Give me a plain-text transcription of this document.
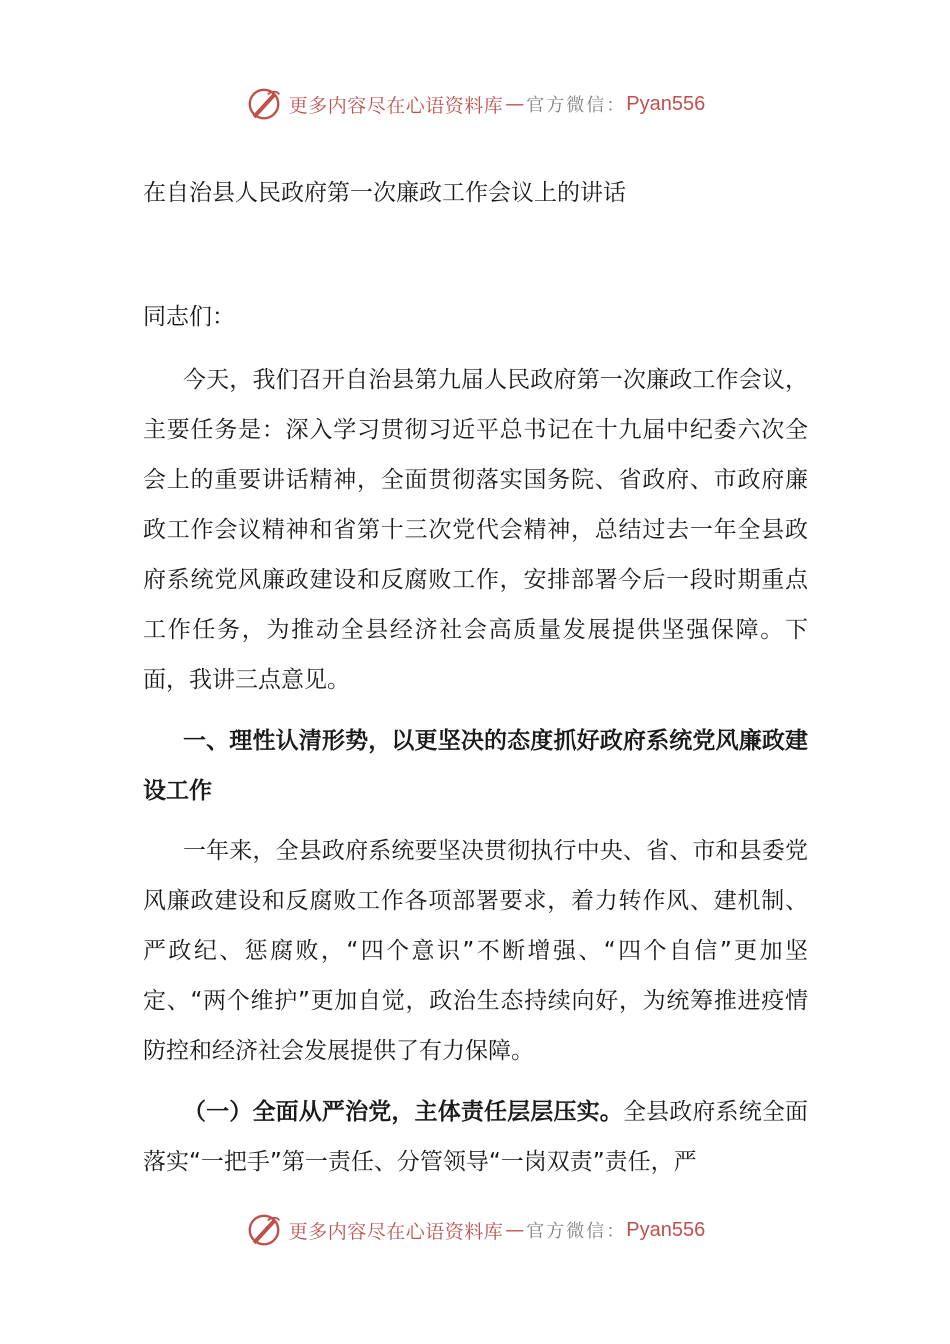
更多内容尽在心语资料库 — 官方微信： Pyan556
在自治县人民政府第一次廉政工作会议上的讲话
同志们：
今天，我们召开自治县第九届人民政府第一次廉政工作会议，主要任务是：深入学习贯彻习近平总书记在十九届中纪委六次全会上的重要讲话精神，全面贯彻落实国务院、省政府、市政府廉政工作会议精神和省第十三次党代会精神，总结过去一年全县政府系统党风廉政建设和反腐败工作，安排部署今后一段时期重点工作任务，为推动全县经济社会高质量发展提供坚强保障。下面，我讲三点意见。
一、理性认清形势，以更坚决的态度抓好政府系统党风廉政建设工作
一年来，全县政府系统要坚决贯彻执行中央、省、市和县委党风廉政建设和反腐败工作各项部署要求，着力转作风、建机制、严政纪、惩腐败，“四个意识”不断增强、“四个自信”更加坚定、“两个维护”更加自觉，政治生态持续向好，为统筹推进疫情防控和经济社会发展提供了有力保障。
（一）全面从严治党，主体责任层层压实。全县政府系统全面落实“一把手”第一责任、分管领导“一岗双责”责任，严
更多内容尽在心语资料库 — 官方微信： Pyan556
